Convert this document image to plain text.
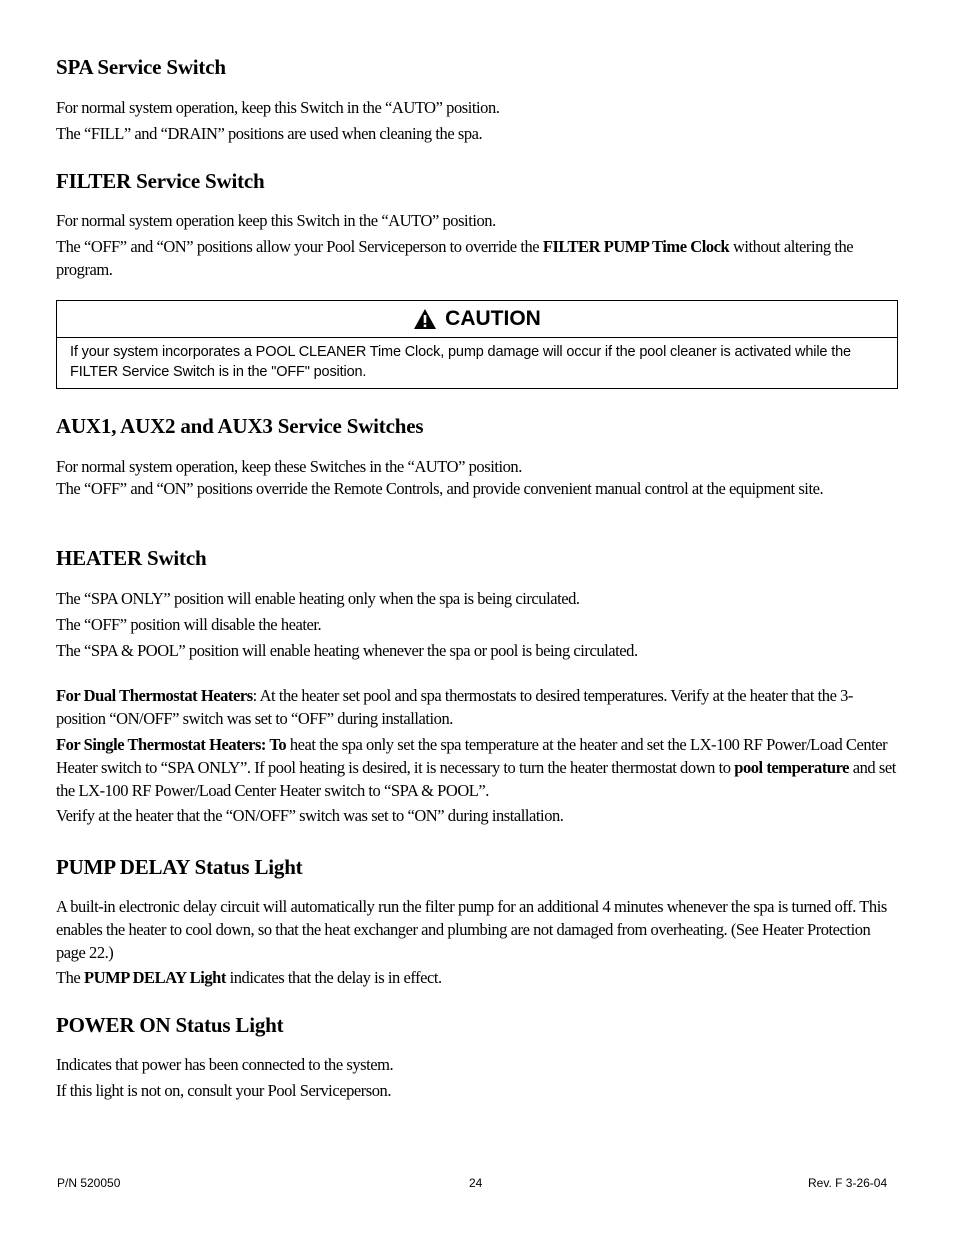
SPA Service Switch

For normal system operation, keep this Switch in the “AUTO” position.

The “FILL” and “DRAIN” positions are used when cleaning the spa.

FILTER Service Switch

For normal system operation keep this Switch in the “AUTO” position.

The “OFF” and “ON” positions allow your Pool Serviceperson to override the FILTER PUMP Time Clock without altering the program.

CAUTION
If your system incorporates a POOL CLEANER Time Clock, pump damage will occur if the pool cleaner is activated while the FILTER Service Switch is in the "OFF" position.
AUX1, AUX2 and AUX3 Service Switches

For normal system operation, keep these Switches in the “AUTO” position.

The “OFF” and “ON” positions override the Remote Controls, and provide convenient manual control at the equipment site.

HEATER Switch

The “SPA ONLY” position will enable heating only when the spa is being circulated.

The “OFF” position will disable the heater.

The “SPA & POOL” position will enable heating whenever the spa or pool is being circulated.

For Dual Thermostat Heaters: At the heater set pool and spa thermostats to desired temperatures. Verify at the heater that the 3-position “ON/OFF” switch was set to “OFF” during installation.

For Single Thermostat Heaters: To heat the spa only set the spa temperature at the heater and set the LX-100 RF Power/Load Center Heater switch to “SPA ONLY”. If pool heating is desired, it is necessary to turn the heater thermostat down to pool temperature and set the LX-100 RF Power/Load Center Heater switch to “SPA & POOL”.

Verify at the heater that the “ON/OFF” switch was set to “ON” during installation.

PUMP DELAY Status Light

A built-in electronic delay circuit will automatically run the filter pump for an additional 4 minutes whenever the spa is turned off. This enables the heater to cool down, so that the heat exchanger and plumbing are not damaged from overheating. (See Heater Protection page 22.)

The PUMP DELAY Light indicates that the delay is in effect.

POWER ON Status Light

Indicates that power has been connected to the system.

If this light is not on, consult your Pool Serviceperson.

P/N 520050	24	Rev. F 3-26-04
